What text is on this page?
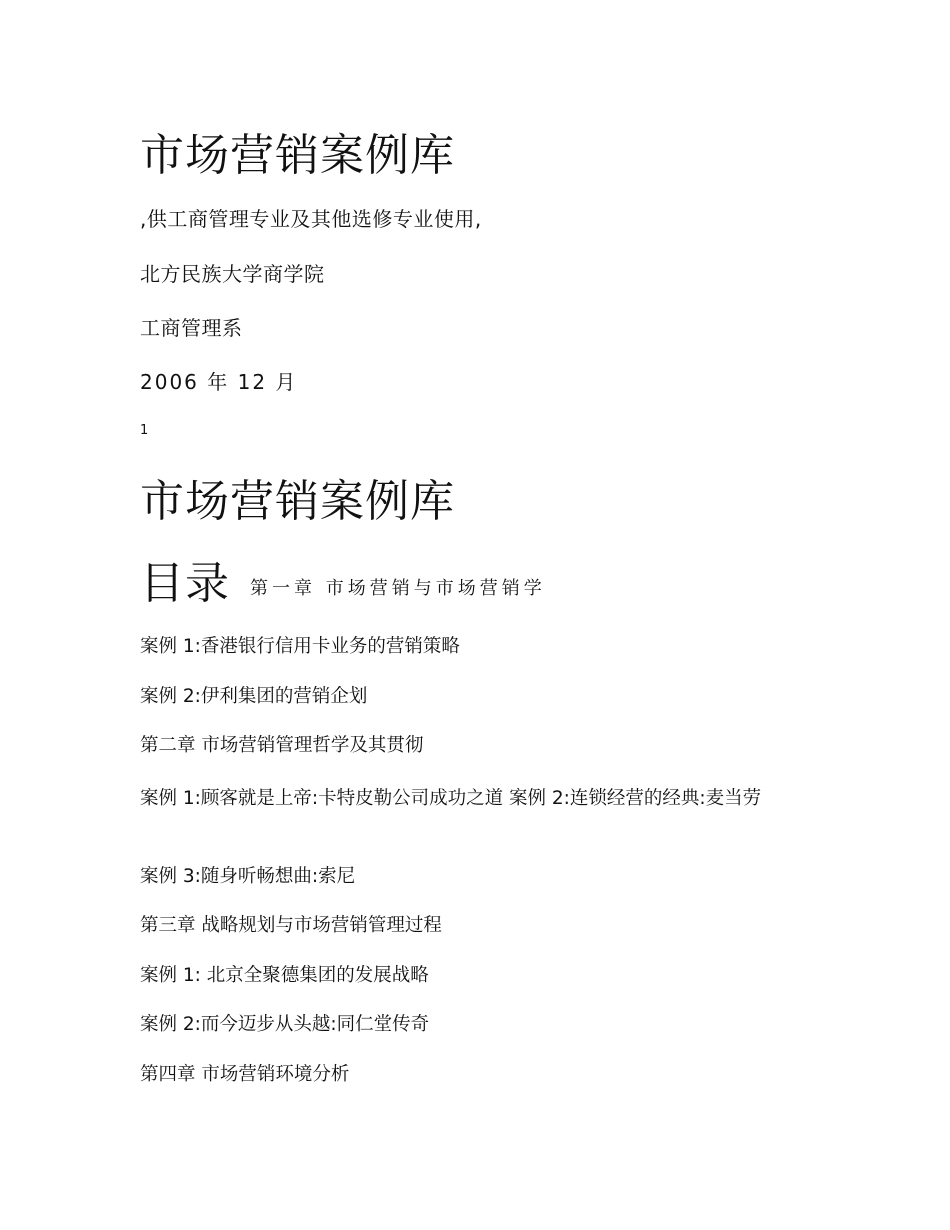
市场营销案例库
,供工商管理专业及其他选修专业使用,
北方民族大学商学院
工商管理系
2006 年 12 月
1
市场营销案例库
目录 第一章 市场营销与市场营销学
案例 1:香港银行信用卡业务的营销策略
案例 2:伊利集团的营销企划
第二章 市场营销管理哲学及其贯彻
案例 1:顾客就是上帝:卡特皮勒公司成功之道 案例 2:连锁经营的经典:麦当劳
案例 3:随身听畅想曲:索尼
第三章 战略规划与市场营销管理过程
案例 1: 北京全聚德集团的发展战略
案例 2:而今迈步从头越:同仁堂传奇
第四章 市场营销环境分析
